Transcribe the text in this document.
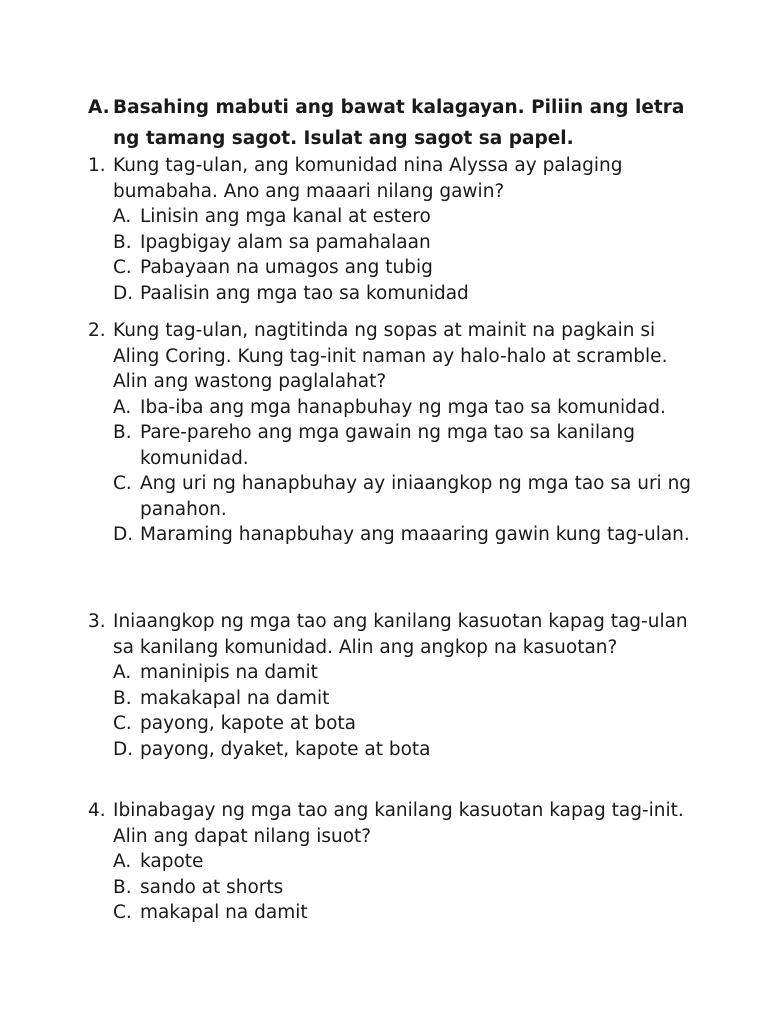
A. Basahing mabuti ang bawat kalagayan. Piliin ang letra ng tamang sagot. Isulat ang sagot sa papel.
1. Kung tag-ulan, ang komunidad nina Alyssa ay palaging bumabaha. Ano ang maaari nilang gawin?
A. Linisin ang mga kanal at estero
B. Ipagbigay alam sa pamahalaan
C. Pabayaan na umagos ang tubig
D. Paalisin ang mga tao sa komunidad
2. Kung tag-ulan, nagtitinda ng sopas at mainit na pagkain si Aling Coring. Kung tag-init naman ay halo-halo at scramble. Alin ang wastong paglalahat?
A. Iba-iba ang mga hanapbuhay ng mga tao sa komunidad.
B. Pare-pareho ang mga gawain ng mga tao sa kanilang komunidad.
C. Ang uri ng hanapbuhay ay iniaangkop ng mga tao sa uri ng panahon.
D. Maraming hanapbuhay ang maaaring gawin kung tag-ulan.
3. Iniaangkop ng mga tao ang kanilang kasuotan kapag tag-ulan sa kanilang komunidad. Alin ang angkop na kasuotan?
A. maninipis na damit
B. makakapal na damit
C. payong, kapote at bota
D. payong, dyaket, kapote at bota
4. Ibinabagay ng mga tao ang kanilang kasuotan kapag tag-init. Alin ang dapat nilang isuot?
A. kapote
B. sando at shorts
C. makapal na damit
